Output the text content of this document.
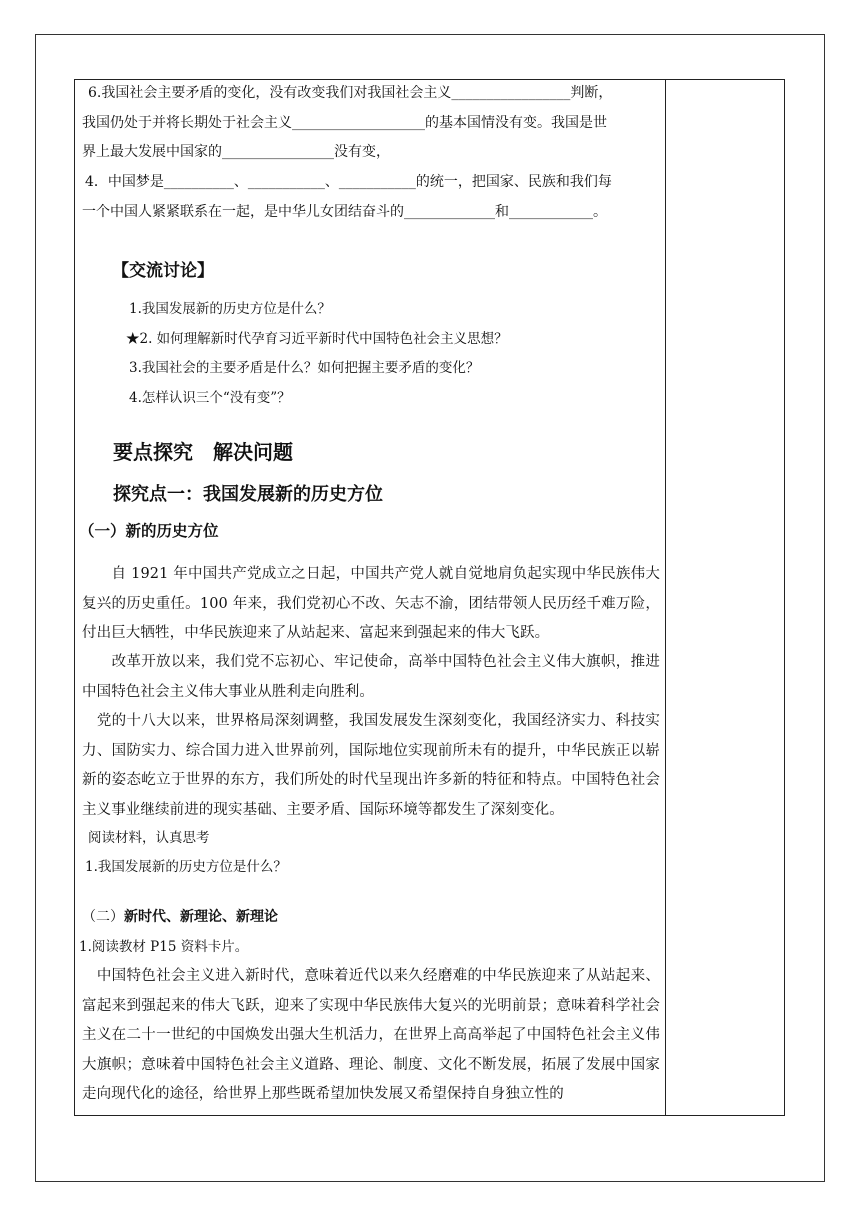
6.我国社会主要矛盾的变化，没有改变我们对我国社会主义_________________判断，
我国仍处于并将长期处于社会主义___________________的基本国情没有变。我国是世
界上最大发展中国家的________________没有变，
4．中国梦是__________、___________、___________的统一，把国家、民族和我们每
一个中国人紧紧联系在一起，是中华儿女团结奋斗的_____________和____________。
【交流讨论】
1.我国发展新的历史方位是什么？
★2. 如何理解新时代孕育习近平新时代中国特色社会主义思想？
3.我国社会的主要矛盾是什么？如何把握主要矛盾的变化？
4.怎样认识三个“没有变”？
要点探究　解决问题
探究点一：我国发展新的历史方位
（一）新的历史方位
　　自 1921 年中国共产党成立之日起，中国共产党人就自觉地肩负起实现中华民族伟大复兴的历史重任。100 年来，我们党初心不改、矢志不渝，团结带领人民历经千难万险，付出巨大牺牲，中华民族迎来了从站起来、富起来到强起来的伟大飞跃。
　　改革开放以来，我们党不忘初心、牢记使命，高举中国特色社会主义伟大旗帜，推进中国特色社会主义伟大事业从胜利走向胜利。
　党的十八大以来，世界格局深刻调整，我国发展发生深刻变化，我国经济实力、科技实力、国防实力、综合国力进入世界前列，国际地位实现前所未有的提升，中华民族正以崭新的姿态屹立于世界的东方，我们所处的时代呈现出许多新的特征和特点。中国特色社会主义事业继续前进的现实基础、主要矛盾、国际环境等都发生了深刻变化。
阅读材料，认真思考
1.我国发展新的历史方位是什么？
（二）新时代、新理论、新理论
1.阅读教材 P15 资料卡片。
　中国特色社会主义进入新时代，意味着近代以来久经磨难的中华民族迎来了从站起来、富起来到强起来的伟大飞跃，迎来了实现中华民族伟大复兴的光明前景；意味着科学社会主义在二十一世纪的中国焕发出强大生机活力，在世界上高高举起了中国特色社会主义伟大旗帜；意味着中国特色社会主义道路、理论、制度、文化不断发展，拓展了发展中国家走向现代化的途径，给世界上那些既希望加快发展又希望保持自身独立性的
